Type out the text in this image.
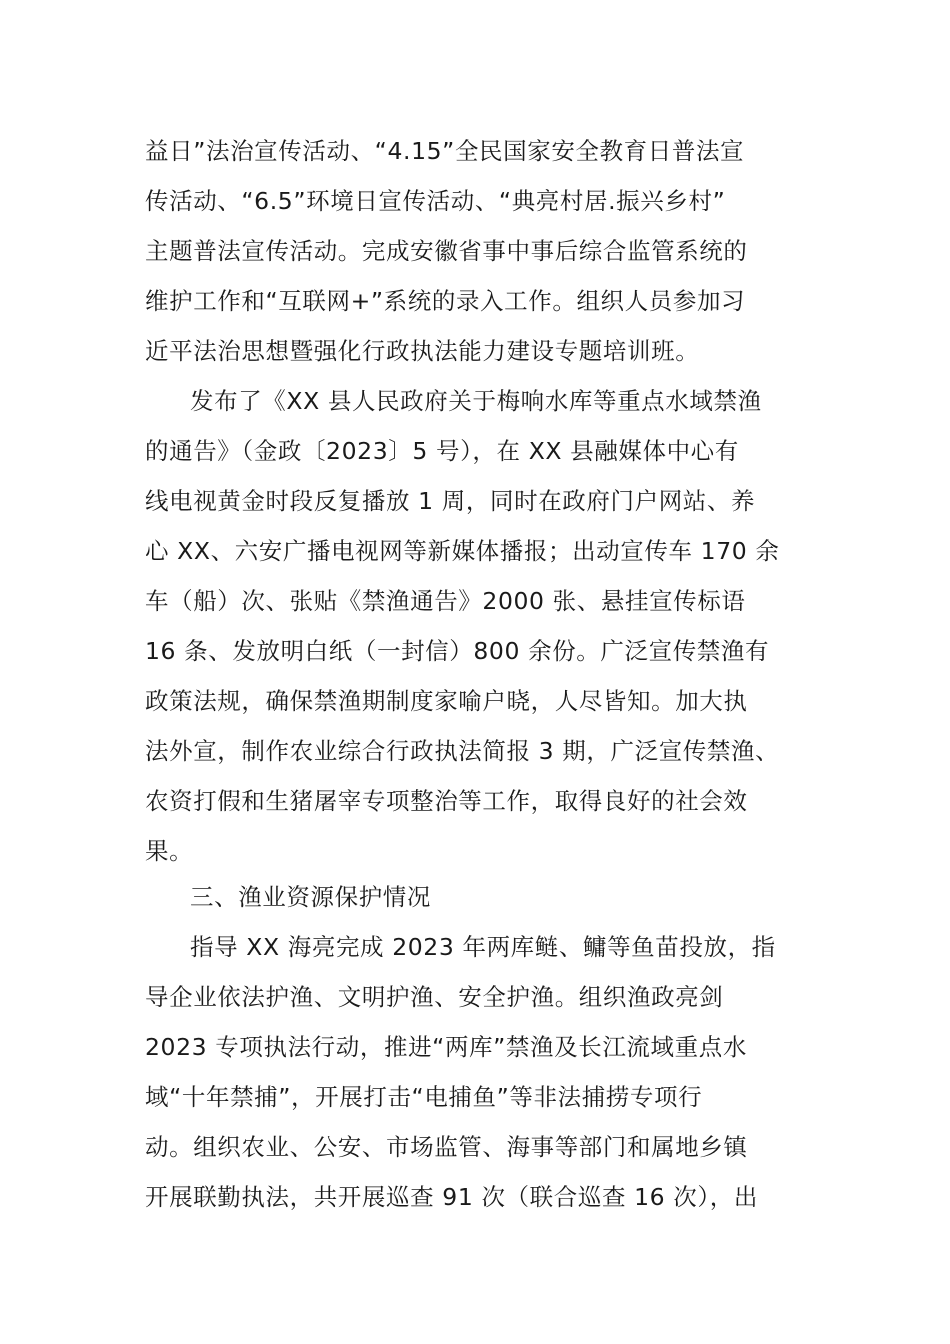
益日”法治宣传活动、“4.15”全民国家安全教育日普法宣
传活动、“6.5”环境日宣传活动、“典亮村居.振兴乡村”
主题普法宣传活动。完成安徽省事中事后综合监管系统的
维护工作和“互联网+”系统的录入工作。组织人员参加习
近平法治思想暨强化行政执法能力建设专题培训班。
发布了《XX 县人民政府关于梅响水库等重点水域禁渔
的通告》（金政〔2023〕5 号），在 XX 县融媒体中心有
线电视黄金时段反复播放 1 周，同时在政府门户网站、养
心 XX、六安广播电视网等新媒体播报；出动宣传车 170 余
车（船）次、张贴《禁渔通告》2000 张、悬挂宣传标语
16 条、发放明白纸（一封信）800 余份。广泛宣传禁渔有
政策法规，确保禁渔期制度家喻户晓，人尽皆知。加大执
法外宣，制作农业综合行政执法简报 3 期，广泛宣传禁渔、
农资打假和生猪屠宰专项整治等工作，取得良好的社会效
果。
三、渔业资源保护情况
指导 XX 海亮完成 2023 年两库鲢、鳙等鱼苗投放，指
导企业依法护渔、文明护渔、安全护渔。组织渔政亮剑
2023 专项执法行动，推进“两库”禁渔及长江流域重点水
域“十年禁捕”，开展打击“电捕鱼”等非法捕捞专项行
动。组织农业、公安、市场监管、海事等部门和属地乡镇
开展联勤执法，共开展巡查 91 次（联合巡查 16 次），出
